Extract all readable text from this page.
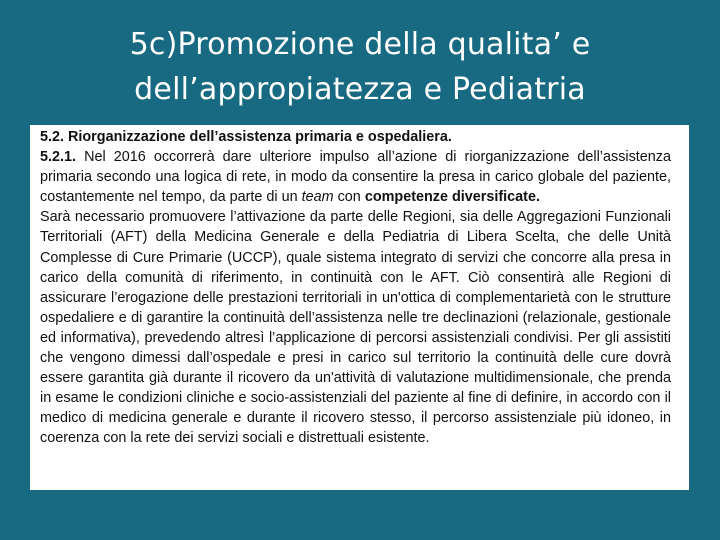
5c)Promozione della qualita’ e
dell’appropiatezza e Pediatria

5.2. Riorganizzazione dell’assistenza primaria e ospedaliera.

5.2.1. Nel 2016 occorrerà dare ulteriore impulso all’azione di riorganizzazione dell’assistenza primaria secondo una logica di rete, in modo da consentire la presa in carico globale del paziente, costantemente nel tempo, da parte di un team con competenze diversificate.

Sarà necessario promuovere l’attivazione da parte delle Regioni, sia delle Aggregazioni Funzionali Territoriali (AFT) della Medicina Generale e della Pediatria di Libera Scelta, che delle Unità Complesse di Cure Primarie (UCCP), quale sistema integrato di servizi che concorre alla presa in carico della comunità di riferimento, in continuità con le AFT. Ciò consentirà alle Regioni di assicurare l’erogazione delle prestazioni territoriali in un'ottica di complementarietà con le strutture ospedaliere e di garantire la continuità dell’assistenza nelle tre declinazioni (relazionale, gestionale ed informativa), prevedendo altresì l’applicazione di percorsi assistenziali condivisi. Per gli assistiti che vengono dimessi dall’ospedale e presi in carico sul territorio la continuità delle cure dovrà essere garantita già durante il ricovero da un'attività di valutazione multidimensionale, che prenda in esame le condizioni cliniche e socio-assistenziali del paziente al fine di definire, in accordo con il medico di medicina generale e durante il ricovero stesso, il percorso assistenziale più idoneo, in coerenza con la rete dei servizi sociali e distrettuali esistente.
